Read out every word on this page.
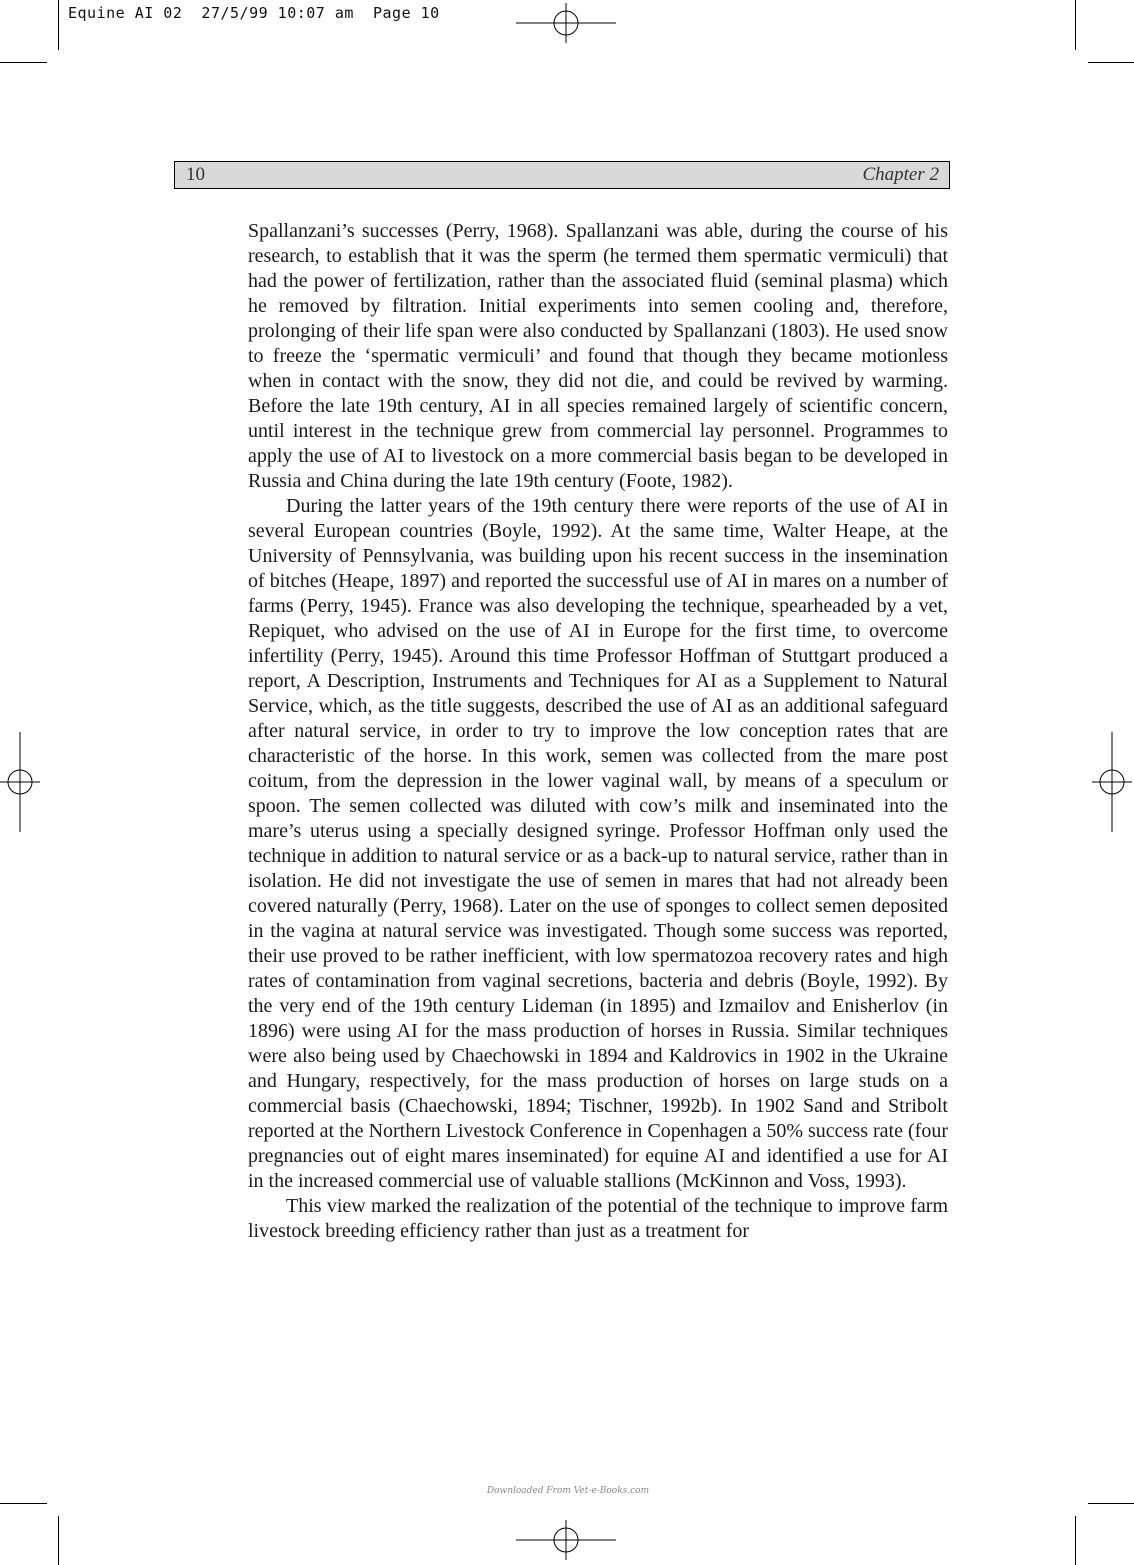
Equine AI 02  27/5/99 10:07 am  Page 10
10	Chapter 2

Spallanzani’s successes (Perry, 1968). Spallanzani was able, during the course of his research, to establish that it was the sperm (he termed them spermatic vermiculi) that had the power of fertilization, rather than the associated fluid (seminal plasma) which he removed by filtration. Initial experiments into semen cooling and, therefore, prolonging of their life span were also conducted by Spallanzani (1803). He used snow to freeze the ‘spermatic vermiculi’ and found that though they became motionless when in contact with the snow, they did not die, and could be revived by warming. Before the late 19th century, AI in all species remained largely of scientific concern, until interest in the technique grew from commercial lay personnel. Programmes to apply the use of AI to livestock on a more commercial basis began to be developed in Russia and China during the late 19th century (Foote, 1982).

During the latter years of the 19th century there were reports of the use of AI in several European countries (Boyle, 1992). At the same time, Walter Heape, at the University of Pennsylvania, was building upon his recent success in the insemination of bitches (Heape, 1897) and reported the successful use of AI in mares on a number of farms (Perry, 1945). France was also developing the technique, spearheaded by a vet, Repiquet, who advised on the use of AI in Europe for the first time, to overcome infertility (Perry, 1945). Around this time Professor Hoffman of Stuttgart produced a report, A Description, Instruments and Techniques for AI as a Supplement to Natural Service, which, as the title suggests, described the use of AI as an additional safeguard after natural service, in order to try to improve the low conception rates that are characteristic of the horse. In this work, semen was collected from the mare post coitum, from the depression in the lower vaginal wall, by means of a speculum or spoon. The semen collected was diluted with cow’s milk and inseminated into the mare’s uterus using a specially designed syringe. Professor Hoffman only used the technique in addition to natural service or as a back-up to natural service, rather than in isolation. He did not investigate the use of semen in mares that had not already been covered naturally (Perry, 1968). Later on the use of sponges to collect semen deposited in the vagina at natural service was investigated. Though some success was reported, their use proved to be rather inefficient, with low spermatozoa recovery rates and high rates of contamination from vaginal secretions, bacteria and debris (Boyle, 1992). By the very end of the 19th century Lideman (in 1895) and Izmailov and Enisherlov (in 1896) were using AI for the mass production of horses in Russia. Similar techniques were also being used by Chaechowski in 1894 and Kaldrovics in 1902 in the Ukraine and Hungary, respectively, for the mass production of horses on large studs on a commercial basis (Chaechowski, 1894; Tischner, 1992b). In 1902 Sand and Stribolt reported at the Northern Livestock Conference in Copenhagen a 50% success rate (four pregnancies out of eight mares inseminated) for equine AI and identified a use for AI in the increased commercial use of valuable stallions (McKinnon and Voss, 1993).

This view marked the realization of the potential of the technique to improve farm livestock breeding efficiency rather than just as a treatment for

Downloaded From Vet-e-Books.com
